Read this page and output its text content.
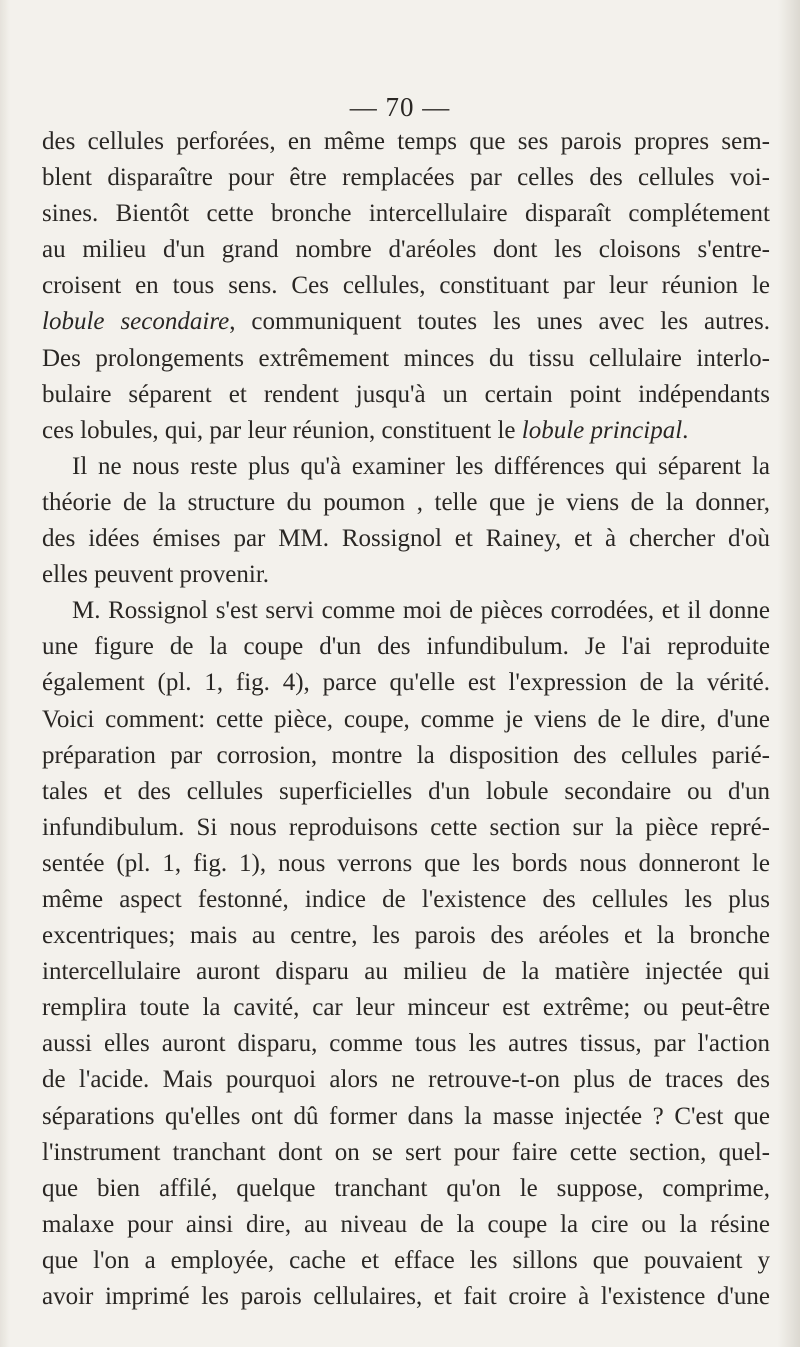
— 70 —
des cellules perforées, en même temps que ses parois propres sem-
blent disparaître pour être remplacées par celles des cellules voi-
sines. Bientôt cette bronche intercellulaire disparaît complétement
au milieu d'un grand nombre d'aréoles dont les cloisons s'entre-
croisent en tous sens. Ces cellules, constituant par leur réunion le
lobule secondaire, communiquent toutes les unes avec les autres.
Des prolongements extrêmement minces du tissu cellulaire interlo-
bulaire séparent et rendent jusqu'à un certain point indépendants
ces lobules, qui, par leur réunion, constituent le lobule principal.
Il ne nous reste plus qu'à examiner les différences qui séparent la
théorie de la structure du poumon , telle que je viens de la donner,
des idées émises par MM. Rossignol et Rainey, et à chercher d'où
elles peuvent provenir.
M. Rossignol s'est servi comme moi de pièces corrodées, et il donne
une figure de la coupe d'un des infundibulum. Je l'ai reproduite
également (pl. 1, fig. 4), parce qu'elle est l'expression de la vérité.
Voici comment: cette pièce, coupe, comme je viens de le dire, d'une
préparation par corrosion, montre la disposition des cellules parié-
tales et des cellules superficielles d'un lobule secondaire ou d'un
infundibulum. Si nous reproduisons cette section sur la pièce repré-
sentée (pl. 1, fig. 1), nous verrons que les bords nous donneront le
même aspect festonné, indice de l'existence des cellules les plus
excentriques; mais au centre, les parois des aréoles et la bronche
intercellulaire auront disparu au milieu de la matière injectée qui
remplira toute la cavité, car leur minceur est extrême; ou peut-être
aussi elles auront disparu, comme tous les autres tissus, par l'action
de l'acide. Mais pourquoi alors ne retrouve-t-on plus de traces des
séparations qu'elles ont dû former dans la masse injectée ? C'est que
l'instrument tranchant dont on se sert pour faire cette section, quel-
que bien affilé, quelque tranchant qu'on le suppose, comprime,
malaxe pour ainsi dire, au niveau de la coupe la cire ou la résine
que l'on a employée, cache et efface les sillons que pouvaient y
avoir imprimé les parois cellulaires, et fait croire à l'existence d'une
